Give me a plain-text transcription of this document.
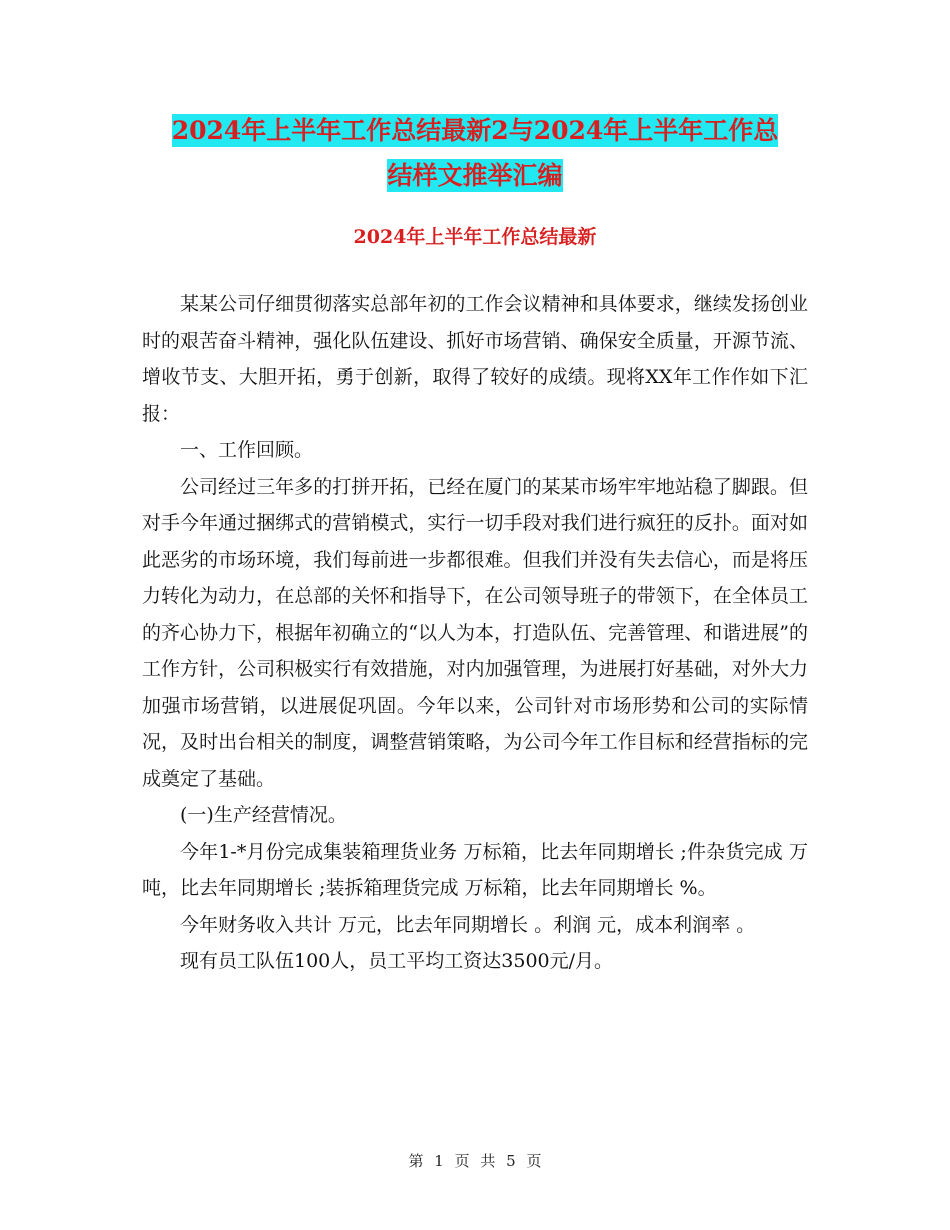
2024年上半年工作总结最新2与2024年上半年工作总
结样文推举汇编
2024年上半年工作总结最新

某某公司仔细贯彻落实总部年初的工作会议精神和具体要求，继续发扬创业时的艰苦奋斗精神，强化队伍建设、抓好市场营销、确保安全质量，开源节流、增收节支、大胆开拓，勇于创新，取得了较好的成绩。现将XX年工作作如下汇报：

一、工作回顾。

公司经过三年多的打拼开拓，已经在厦门的某某市场牢牢地站稳了脚跟。但对手今年通过捆绑式的营销模式，实行一切手段对我们进行疯狂的反扑。面对如此恶劣的市场环境，我们每前进一步都很难。但我们并没有失去信心，而是将压力转化为动力，在总部的关怀和指导下，在公司领导班子的带领下，在全体员工的齐心协力下，根据年初确立的“以人为本，打造队伍、完善管理、和谐进展”的工作方针，公司积极实行有效措施，对内加强管理，为进展打好基础，对外大力加强市场营销，以进展促巩固。今年以来，公司针对市场形势和公司的实际情况，及时出台相关的制度，调整营销策略，为公司今年工作目标和经营指标的完成奠定了基础。

(一)生产经营情况。

今年1-*月份完成集装箱理货业务 万标箱，比去年同期增长 ;件杂货完成 万吨，比去年同期增长 ;装拆箱理货完成 万标箱，比去年同期增长 %。

今年财务收入共计 万元，比去年同期增长 。利润 元，成本利润率 。

现有员工队伍100人，员工平均工资达3500元/月。

第 1 页 共 5 页
